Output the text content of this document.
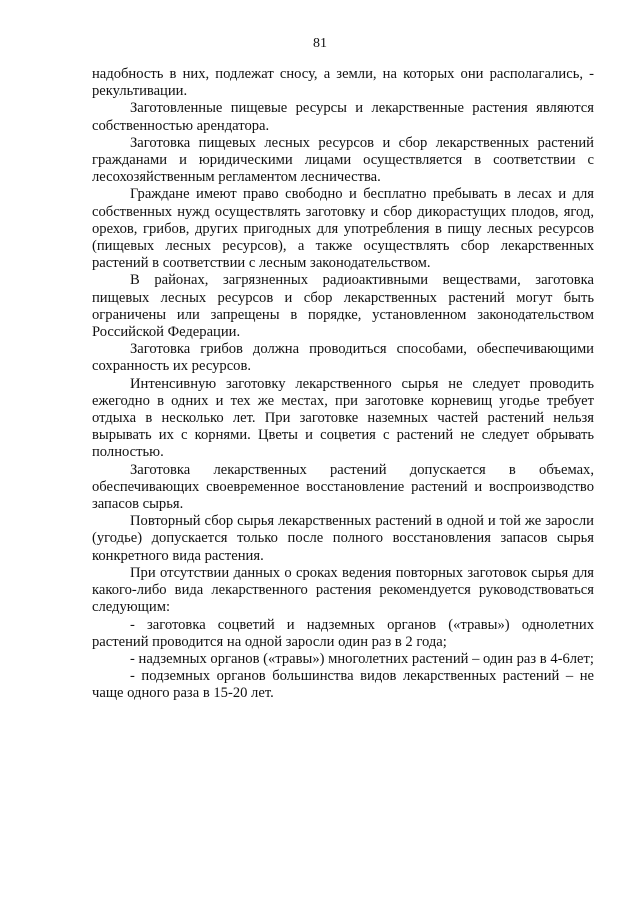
81

надобность в них, подлежат сносу, а земли, на которых они располагались, - рекультивации.

Заготовленные пищевые ресурсы и лекарственные растения являются собственностью арендатора.

Заготовка пищевых лесных ресурсов и сбор лекарственных растений гражданами и юридическими лицами осуществляется в соответствии с лесохозяйственным регламентом лесничества.

Граждане имеют право свободно и бесплатно пребывать в лесах и для собственных нужд осуществлять заготовку и сбор дикорастущих плодов, ягод, орехов, грибов, других пригодных для употребления в пищу лесных ресурсов (пищевых лесных ресурсов), а также осуществлять сбор лекарственных растений в соответствии с лесным законодательством.

В районах, загрязненных радиоактивными веществами, заготовка пищевых лесных ресурсов и сбор лекарственных растений могут быть ограничены или запрещены в порядке, установленном законодательством Российской Федерации.

Заготовка грибов должна проводиться способами, обеспечивающими сохранность их ресурсов.

Интенсивную заготовку лекарственного сырья не следует проводить ежегодно в одних и тех же местах, при заготовке корневищ угодье требует отдыха в несколько лет. При заготовке наземных частей растений нельзя вырывать их с корнями. Цветы и соцветия с растений не следует обрывать полностью.

Заготовка лекарственных растений допускается в объемах, обеспечивающих своевременное восстановление растений и воспроизводство запасов сырья.

Повторный сбор сырья лекарственных растений в одной и той же заросли (угодье) допускается только после полного восстановления запасов сырья конкретного вида растения.

При отсутствии данных о сроках ведения повторных заготовок сырья для какого-либо вида лекарственного растения рекомендуется руководствоваться следующим:

- заготовка соцветий и надземных органов («травы») однолетних растений проводится на одной заросли один раз в 2 года;

- надземных органов («травы») многолетних растений – один раз в 4-6лет;

- подземных органов большинства видов лекарственных растений – не чаще одного раза в 15-20 лет.
